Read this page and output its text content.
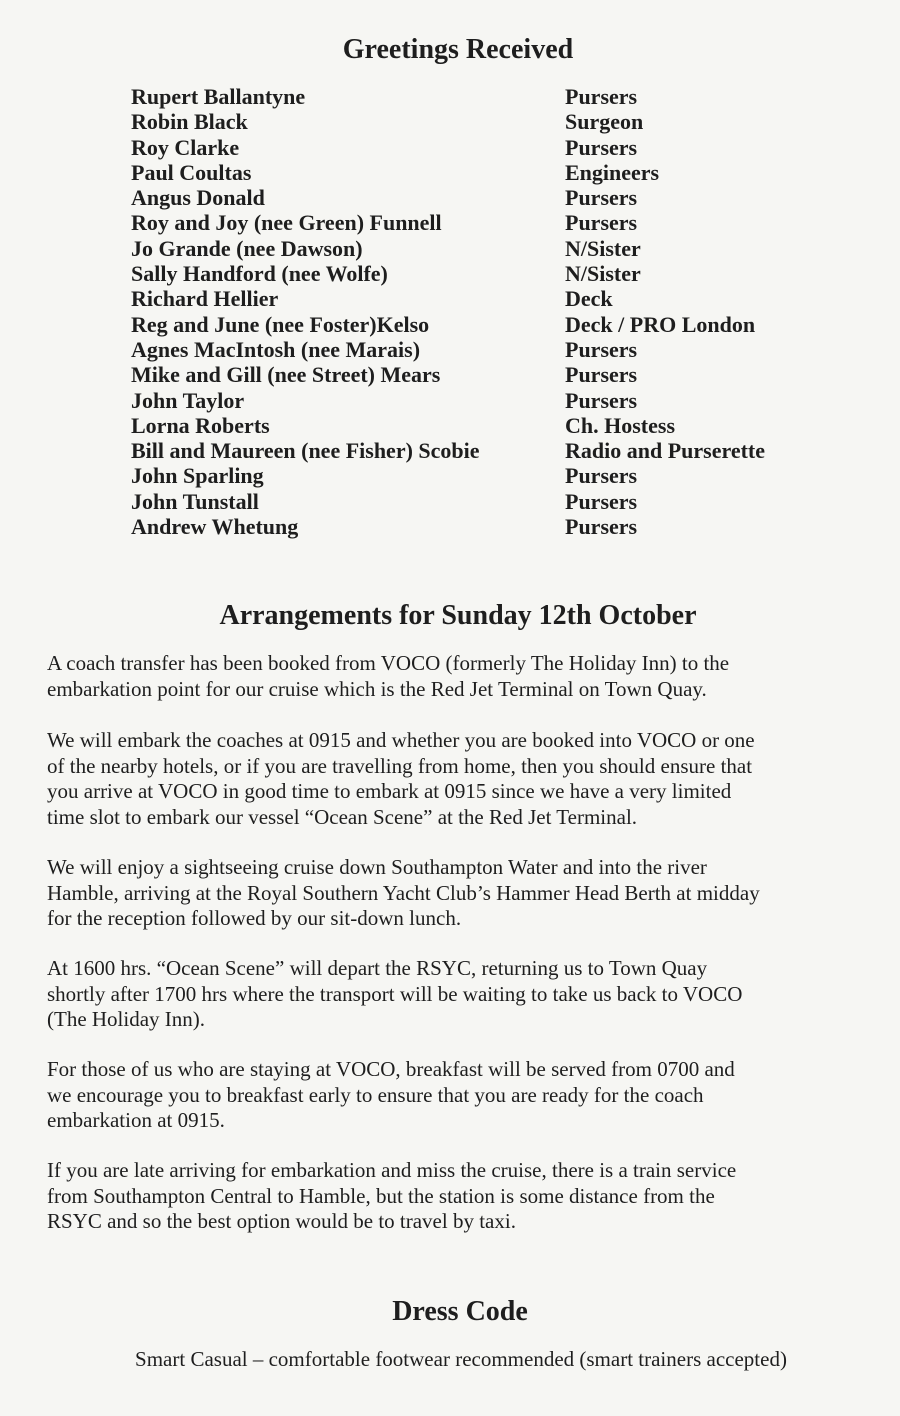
Greetings Received
Rupert Ballantyne	Pursers
Robin Black	Surgeon
Roy Clarke	Pursers
Paul Coultas	Engineers
Angus Donald	Pursers
Roy and Joy (nee Green) Funnell	Pursers
Jo Grande (nee Dawson)	N/Sister
Sally Handford (nee Wolfe)	N/Sister
Richard Hellier	Deck
Reg and June (nee Foster)Kelso	Deck / PRO London
Agnes MacIntosh (nee Marais)	Pursers
Mike and Gill (nee Street) Mears	Pursers
John Taylor	Pursers
Lorna Roberts	Ch. Hostess
Bill and Maureen (nee Fisher) Scobie	Radio and Purserette
John Sparling	Pursers
John Tunstall	Pursers
Andrew Whetung	Pursers
Arrangements for Sunday 12th October

A coach transfer has been booked from VOCO (formerly The Holiday Inn) to the
embarkation point for our cruise which is the Red Jet Terminal on Town Quay.

We will embark the coaches at 0915 and whether you are booked into VOCO or one
of the nearby hotels, or if you are travelling from home, then you should ensure that
you arrive at VOCO in good time to embark at 0915 since we have a very limited
time slot to embark our vessel “Ocean Scene” at the Red Jet Terminal.

We will enjoy a sightseeing cruise down Southampton Water and into the river
Hamble, arriving at the Royal Southern Yacht Club’s Hammer Head Berth at midday
for the reception followed by our sit-down lunch.

At 1600 hrs. “Ocean Scene” will depart the RSYC, returning us to Town Quay
shortly after 1700 hrs where the transport will be waiting to take us back to VOCO
(The Holiday Inn).

For those of us who are staying at VOCO, breakfast will be served from 0700 and
we encourage you to breakfast early to ensure that you are ready for the coach
embarkation at 0915.

If you are late arriving for embarkation and miss the cruise, there is a train service
from Southampton Central to Hamble, but the station is some distance from the
RSYC and so the best option would be to travel by taxi.

Dress Code

Smart Casual – comfortable footwear recommended (smart trainers accepted)
